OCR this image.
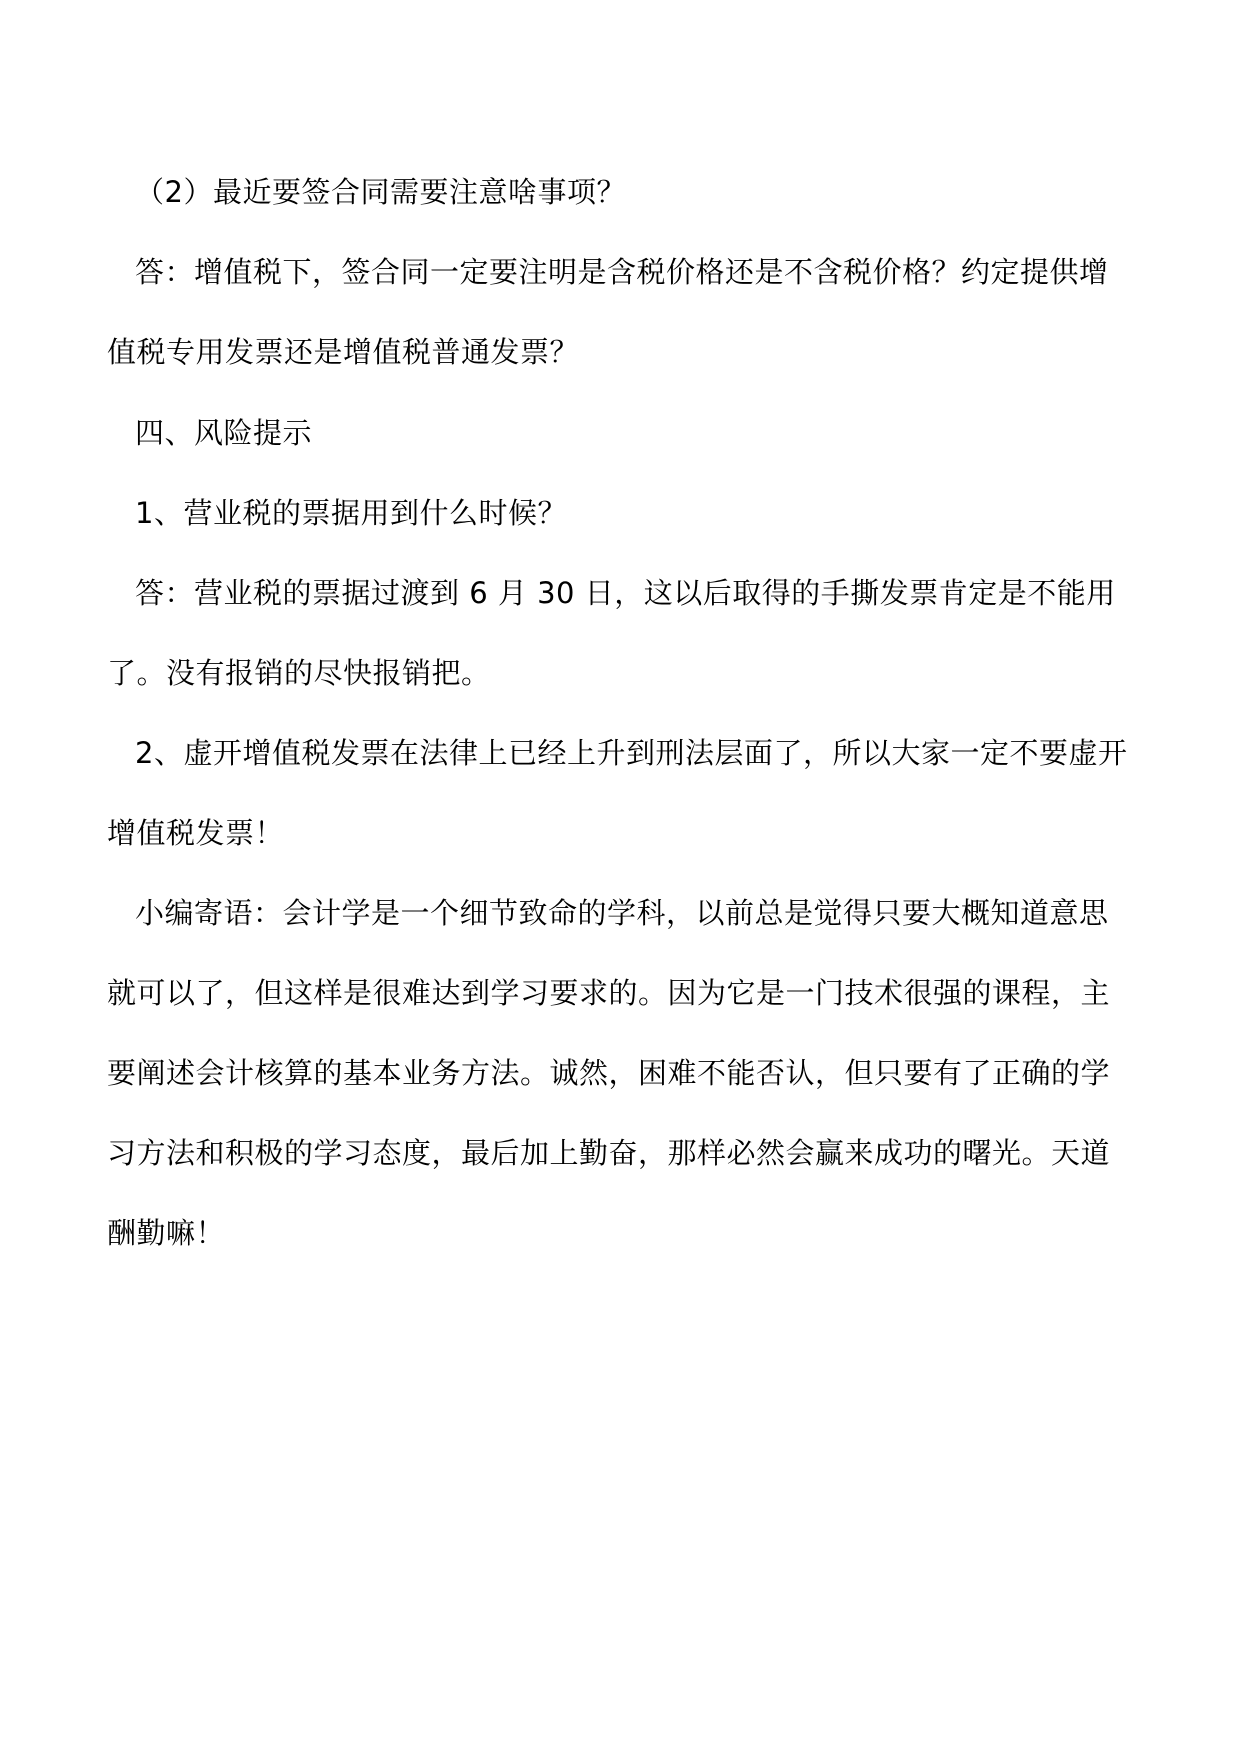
（2）最近要签合同需要注意啥事项？

答：增值税下，签合同一定要注明是含税价格还是不含税价格？约定提供增值税专用发票还是增值税普通发票？

四、风险提示

1、营业税的票据用到什么时候？

答：营业税的票据过渡到 6 月 30 日，这以后取得的手撕发票肯定是不能用了。没有报销的尽快报销把。

2、虚开增值税发票在法律上已经上升到刑法层面了，所以大家一定不要虚开增值税发票！

小编寄语：会计学是一个细节致命的学科，以前总是觉得只要大概知道意思就可以了，但这样是很难达到学习要求的。因为它是一门技术很强的课程，主要阐述会计核算的基本业务方法。诚然，困难不能否认，但只要有了正确的学习方法和积极的学习态度，最后加上勤奋，那样必然会赢来成功的曙光。天道酬勤嘛！
